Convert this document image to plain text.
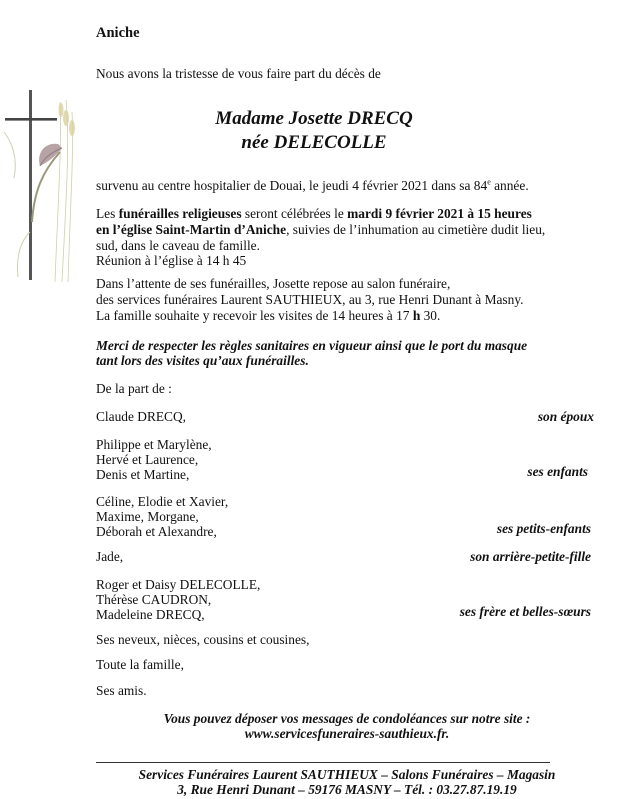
Aniche
Nous avons la tristesse de vous faire part du décès de
Madame Josette DRECQ
née DELECOLLE
survenu au centre hospitalier de Douai, le jeudi 4 février 2021 dans sa 84e année.
Les funérailles religieuses seront célébrées le mardi 9 février 2021 à 15 heures
en l’église Saint-Martin d’Aniche, suivies de l’inhumation au cimetière dudit lieu,
sud, dans le caveau de famille.
Réunion à l’église à 14 h 45
Dans l’attente de ses funérailles, Josette repose au salon funéraire,
des services funéraires Laurent SAUTHIEUX, au 3, rue Henri Dunant à Masny.
La famille souhaite y recevoir les visites de 14 heures à 17 h 30.
Merci de respecter les règles sanitaires en vigueur ainsi que le port du masque
tant lors des visites qu’aux funérailles.
De la part de :
Claude DRECQ,	son époux
Philippe et Marylène,
Hervé et Laurence,
Denis et Martine,	ses enfants
Céline, Elodie et Xavier,
Maxime, Morgane,
Déborah et Alexandre,	ses petits-enfants
Jade,	son arrière-petite-fille
Roger et Daisy DELECOLLE,
Thérèse CAUDRON,
Madeleine DRECQ,	ses frère et belles-sœurs
Ses neveux, nièces, cousins et cousines,
Toute la famille,
Ses amis.
Vous pouvez déposer vos messages de condoléances sur notre site :
www.servicesfuneraires-sauthieux.fr.
Services Funéraires Laurent SAUTHIEUX – Salons Funéraires – Magasin
3, Rue Henri Dunant – 59176 MASNY – Tél. : 03.27.87.19.19
